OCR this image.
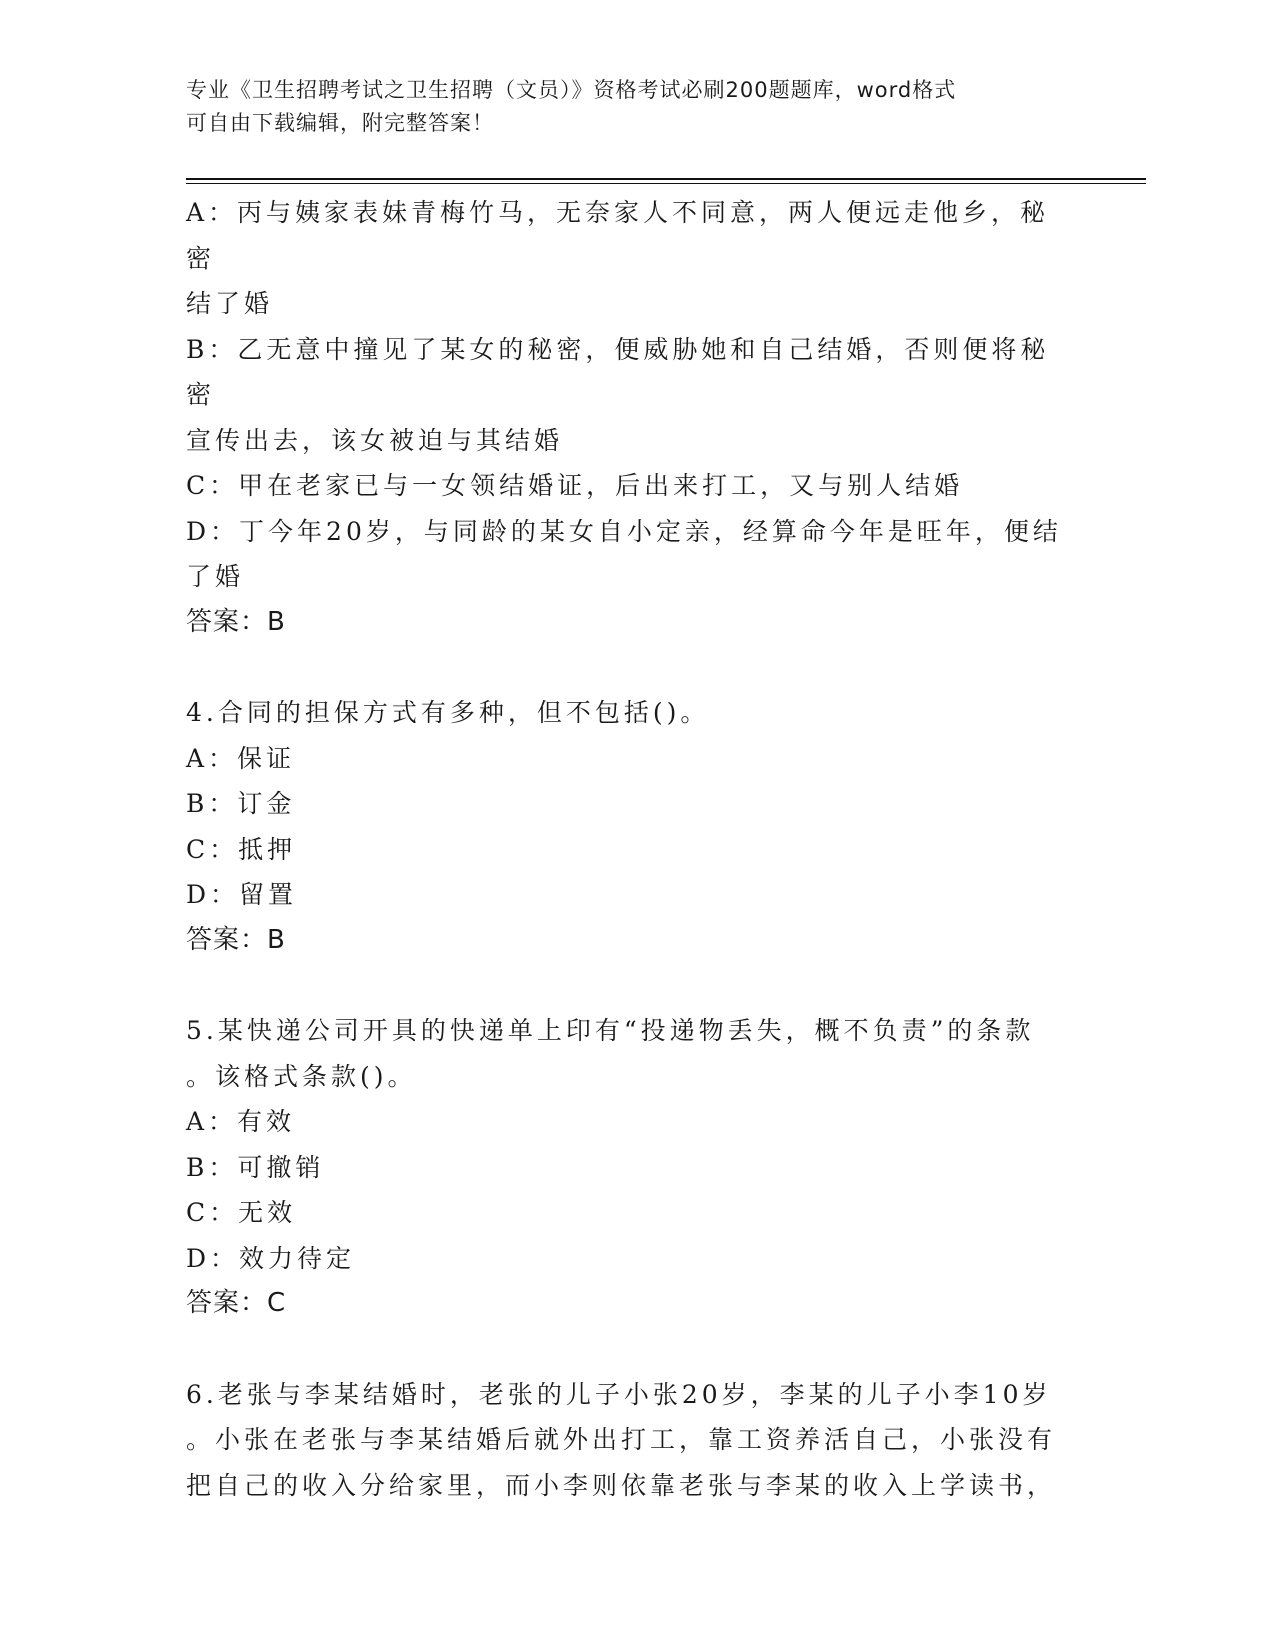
专业《卫生招聘考试之卫生招聘（文员）》资格考试必刷200题题库，word格式
可自由下载编辑，附完整答案！

A：丙与姨家表妹青梅竹马，无奈家人不同意，两人便远走他乡，秘密

结了婚

B：乙无意中撞见了某女的秘密，便威胁她和自己结婚，否则便将秘密

宣传出去，该女被迫与其结婚

C：甲在老家已与一女领结婚证，后出来打工，又与别人结婚

D：丁今年20岁，与同龄的某女自小定亲，经算命今年是旺年，便结

了婚

答案：B

4.合同的担保方式有多种，但不包括()。

A：保证

B：订金

C：抵押

D：留置

答案：B

5.某快递公司开具的快递单上印有“投递物丢失，概不负责”的条款

。该格式条款()。

A：有效

B：可撤销

C：无效

D：效力待定

答案：C

6.老张与李某结婚时，老张的儿子小张20岁，李某的儿子小李10岁

。小张在老张与李某结婚后就外出打工，靠工资养活自己，小张没有

把自己的收入分给家里，而小李则依靠老张与李某的收入上学读书，
